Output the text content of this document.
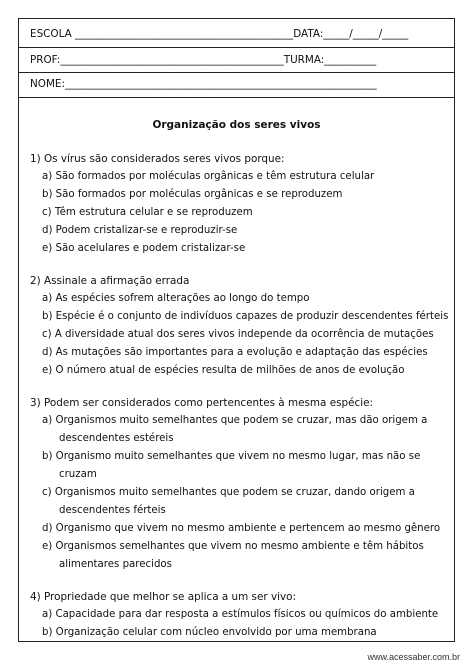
ESCOLA __________________________________________DATA:_____/_____/_____
PROF:___________________________________________TURMA:__________
NOME:____________________________________________________________
Organização dos seres vivos
1) Os vírus são considerados seres vivos porque:
a) São formados por moléculas orgânicas e têm estrutura celular
b) São formados por moléculas orgânicas e se reproduzem
c) Têm estrutura celular e se reproduzem
d) Podem cristalizar-se e reproduzir-se
e) São acelulares e podem cristalizar-se
2) Assinale a afirmação errada
a) As espécies sofrem alterações ao longo do tempo
b) Espécie é o conjunto de indivíduos capazes de produzir descendentes férteis
c) A diversidade atual dos seres vivos independe da ocorrência de mutações
d) As mutações são importantes para a evolução e adaptação das espécies
e) O número atual de espécies resulta de milhões de anos de evolução
3) Podem ser considerados como pertencentes à mesma espécie:
a) Organismos muito semelhantes que podem se cruzar, mas dão origem a
descendentes estéreis
b) Organismo muito semelhantes que vivem no mesmo lugar, mas não se
cruzam
c) Organismos muito semelhantes que podem se cruzar, dando origem a
descendentes férteis
d) Organismo que vivem no mesmo ambiente e pertencem ao mesmo gênero
e) Organismos semelhantes que vivem no mesmo ambiente e têm hábitos
alimentares parecidos
4) Propriedade que melhor se aplica a um ser vivo:
a) Capacidade para dar resposta a estímulos físicos ou químicos do ambiente
b) Organização celular com núcleo envolvido por uma membrana
www.acessaber.com.br
